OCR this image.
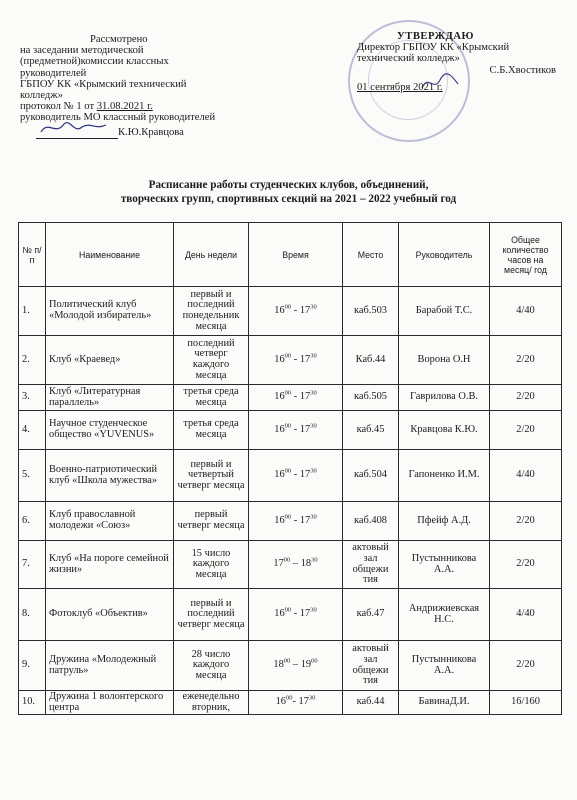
Рассмотрено
на заседании методической
(предметной)комиссии классных
руководителей
ГБПОУ КК «Крымский технический
колледж»
протокол № 1 от 31.08.2021 г.
руководитель МО классный руководителей
К.Ю.Кравцова
УТВЕРЖДАЮ
Директор ГБПОУ КК «Крымский
технический колледж»
С.Б.Хвостиков
01 сентября 2021 г.
Расписание работы студенческих клубов, объединений,
творческих групп, спортивных секций на 2021 – 2022 учебный год
№ п/п	Наименование	День недели	Время	Место	Руководитель	Общее количество часов на месяц/ год
1.	Политический клуб «Молодой избиратель»	первый и последний понедельник месяца	$16^{00} - 17^{30}$	каб.503	Барабой Т.С.	4/40
2.	Клуб «Краевед»	последний четверг каждого месяца	$16^{00} - 17^{30}$	Каб.44	Ворона О.Н	2/20
3.	Клуб «Литературная параллель»	третья среда месяца	$16^{00} - 17^{30}$	каб.505	Гаврилова О.В.	2/20
4.	Научное студенческое общество «YUVENUS»	третья среда месяца	$16^{00} - 17^{30}$	каб.45	Кравцова К.Ю.	2/20
5.	Военно-патриотический клуб «Школа мужества»	первый и четвертый четверг месяца	$16^{00} - 17^{30}$	каб.504	Гапоненко И.М.	4/40
6.	Клуб православной молодежи «Союз»	первый четверг месяца	$16^{00} - 17^{30}$	каб.408	Пфейф А.Д.	2/20
7.	Клуб «На пороге семейной жизни»	15 число каждого месяца	$17^{00} - 18^{30}$	актовый зал общежи тия	Пустынникова А.А.	2/20
8.	Фотоклуб «Объектив»	первый и последний четверг месяца	$16^{00} - 17^{30}$	каб.47	Андрижиевская Н.С.	4/40
9.	Дружина «Молодежный патруль»	28 число каждого месяца	$18^{00} - 19^{00}$	актовый зал общежи тия	Пустынникова А.А.	2/20
10.	Дружина 1 волонтерского центра	еженедельно вторник,	$16^{00}-$ $17^{30}$	каб.44	БавинаД.И.	16/160
